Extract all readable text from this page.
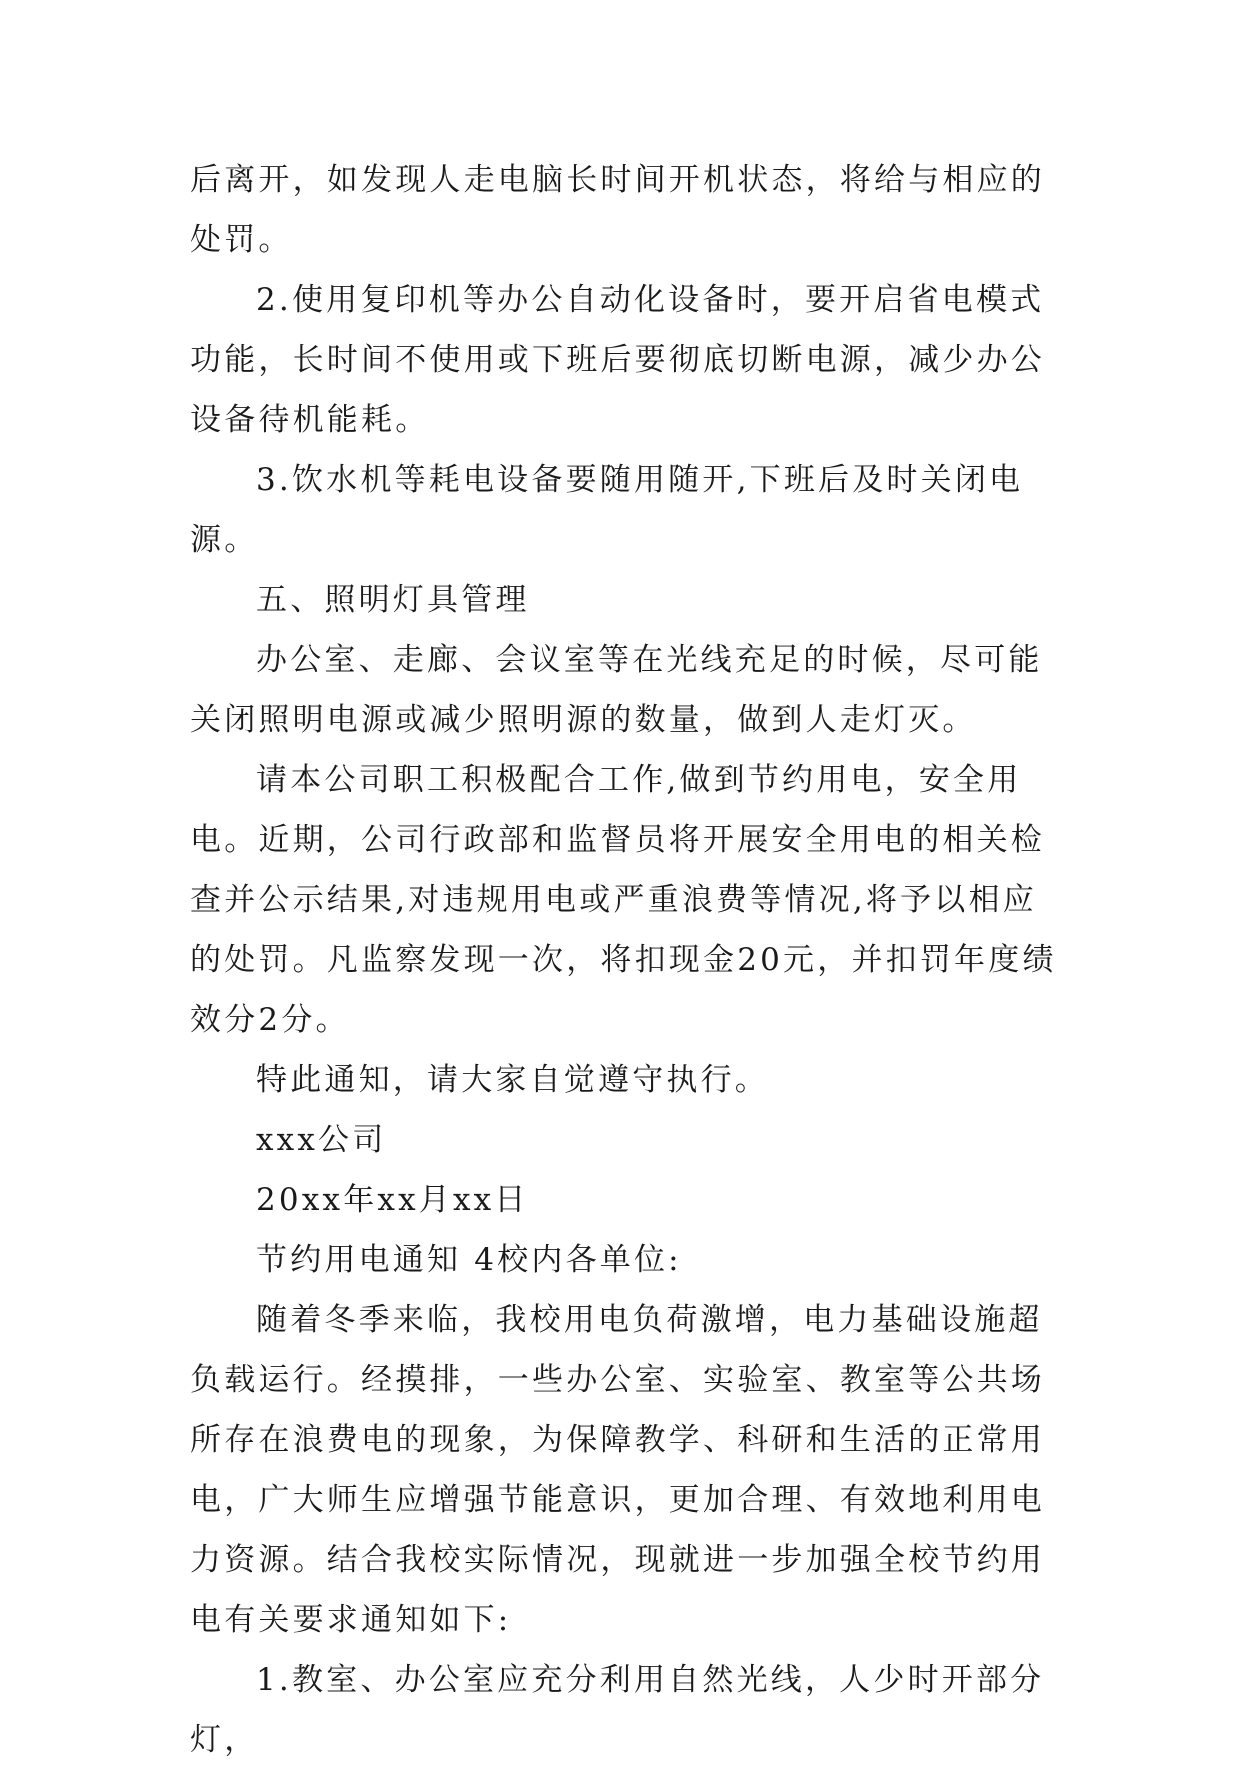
后离开，如发现人走电脑长时间开机状态，将给与相应的处罚。

2.使用复印机等办公自动化设备时，要开启省电模式功能，长时间不使用或下班后要彻底切断电源，减少办公设备待机能耗。

3.饮水机等耗电设备要随用随开,下班后及时关闭电源。

五、照明灯具管理

办公室、走廊、会议室等在光线充足的时候，尽可能关闭照明电源或减少照明源的数量，做到人走灯灭。

请本公司职工积极配合工作,做到节约用电，安全用电。近期，公司行政部和监督员将开展安全用电的相关检查并公示结果,对违规用电或严重浪费等情况,将予以相应的处罚。凡监察发现一次，将扣现金20元，并扣罚年度绩效分2分。

特此通知，请大家自觉遵守执行。

xxx公司

20xx年xx月xx日

节约用电通知 4校内各单位:

随着冬季来临，我校用电负荷激增，电力基础设施超负载运行。经摸排，一些办公室、实验室、教室等公共场所存在浪费电的现象，为保障教学、科研和生活的正常用电，广大师生应增强节能意识，更加合理、有效地利用电力资源。结合我校实际情况，现就进一步加强全校节约用电有关要求通知如下:

1.教室、办公室应充分利用自然光线，人少时开部分灯，
